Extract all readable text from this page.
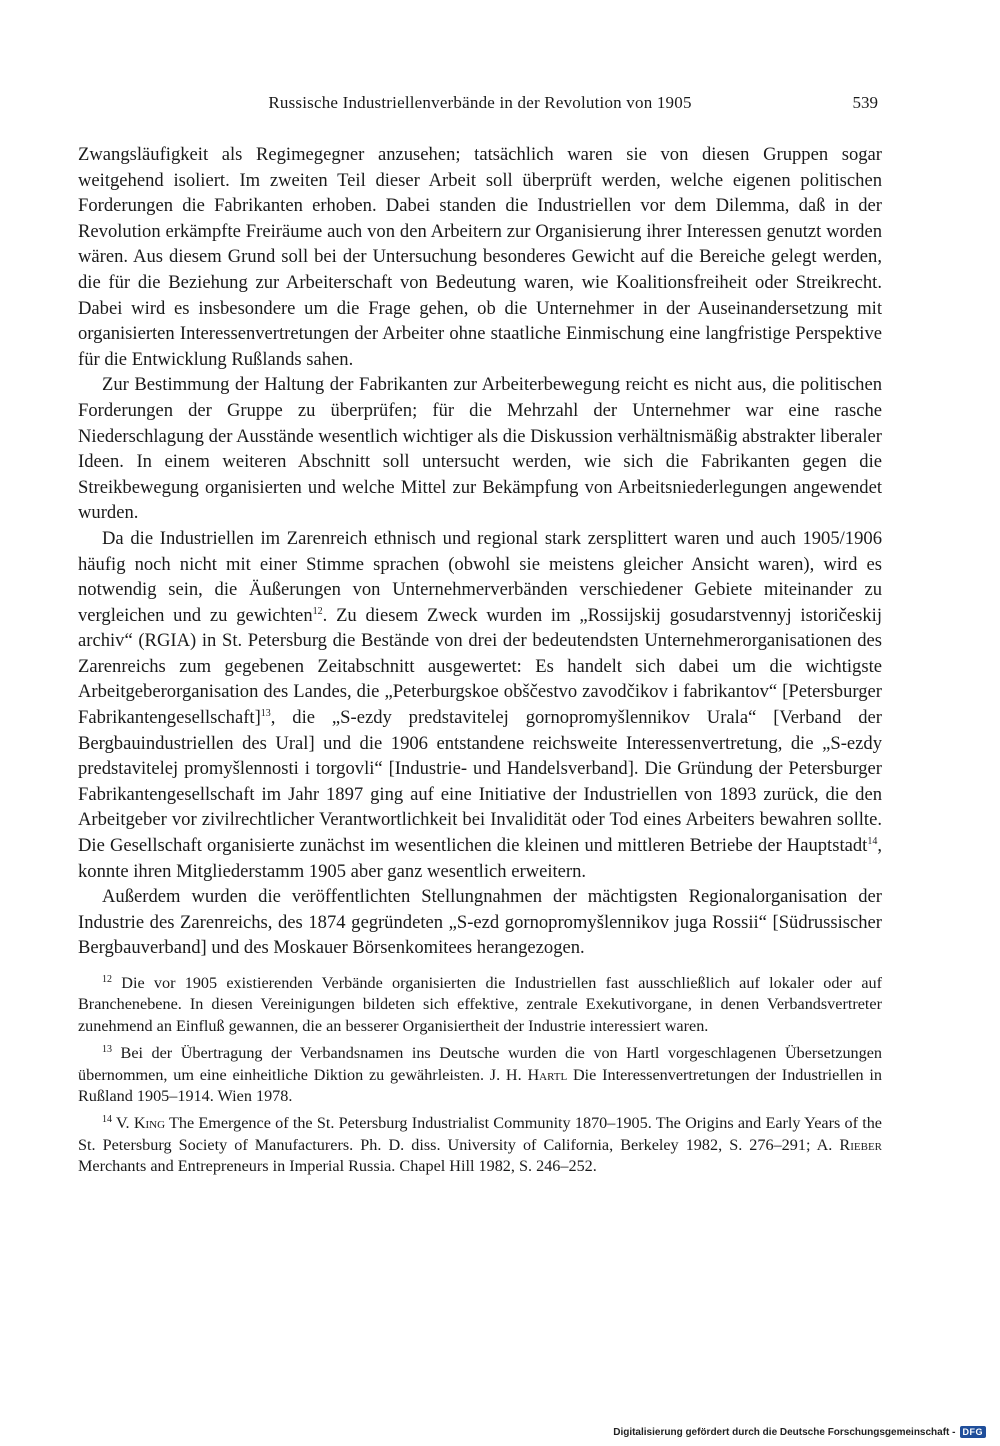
Russische Industriellenverbände in der Revolution von 1905	539

Zwangsläufigkeit als Regimegegner anzusehen; tatsächlich waren sie von diesen Gruppen sogar weitgehend isoliert. Im zweiten Teil dieser Arbeit soll überprüft werden, welche eigenen politischen Forderungen die Fabrikanten erhoben. Dabei standen die Industriellen vor dem Dilemma, daß in der Revolution erkämpfte Freiräume auch von den Arbeitern zur Organisierung ihrer Interessen genutzt worden wären. Aus diesem Grund soll bei der Untersuchung besonderes Gewicht auf die Bereiche gelegt werden, die für die Beziehung zur Arbeiterschaft von Bedeutung waren, wie Koalitionsfreiheit oder Streikrecht. Dabei wird es insbesondere um die Frage gehen, ob die Unternehmer in der Auseinandersetzung mit organisierten Interessenvertretungen der Arbeiter ohne staatliche Einmischung eine langfristige Perspektive für die Entwicklung Rußlands sahen.

Zur Bestimmung der Haltung der Fabrikanten zur Arbeiterbewegung reicht es nicht aus, die politischen Forderungen der Gruppe zu überprüfen; für die Mehrzahl der Unternehmer war eine rasche Niederschlagung der Ausstände wesentlich wichtiger als die Diskussion verhältnismäßig abstrakter liberaler Ideen. In einem weiteren Abschnitt soll untersucht werden, wie sich die Fabrikanten gegen die Streikbewegung organisierten und welche Mittel zur Bekämpfung von Arbeitsniederlegungen angewendet wurden.

Da die Industriellen im Zarenreich ethnisch und regional stark zersplittert waren und auch 1905/1906 häufig noch nicht mit einer Stimme sprachen (obwohl sie meistens gleicher Ansicht waren), wird es notwendig sein, die Äußerungen von Unternehmerverbänden verschiedener Gebiete miteinander zu vergleichen und zu gewichten$^{12}$. Zu diesem Zweck wurden im „Rossijskij gosudarstvennyj istoričeskij archiv“ (RGIA) in St. Petersburg die Bestände von drei der bedeutendsten Unternehmerorganisationen des Zarenreichs zum gegebenen Zeitabschnitt ausgewertet: Es handelt sich dabei um die wichtigste Arbeitgeberorganisation des Landes, die „Peterburgskoe obščestvo zavodčikov i fabrikantov“ [Petersburger Fabrikantengesellschaft]$^{13}$, die „S-ezdy predstavitelej gornopromyšlennikov Urala“ [Verband der Bergbauindustriellen des Ural] und die 1906 entstandene reichsweite Interessenvertretung, die „S-ezdy predstavitelej promyšlennosti i torgovli“ [Industrie- und Handelsverband]. Die Gründung der Petersburger Fabrikantengesellschaft im Jahr 1897 ging auf eine Initiative der Industriellen von 1893 zurück, die den Arbeitgeber vor zivilrechtlicher Verantwortlichkeit bei Invalidität oder Tod eines Arbeiters bewahren sollte. Die Gesellschaft organisierte zunächst im wesentlichen die kleinen und mittleren Betriebe der Hauptstadt$^{14}$, konnte ihren Mitgliederstamm 1905 aber ganz wesentlich erweitern.

Außerdem wurden die veröffentlichten Stellungnahmen der mächtigsten Regionalorganisation der Industrie des Zarenreichs, des 1874 gegründeten „S-ezd gornopromyšlennikov juga Rossii“ [Südrussischer Bergbauverband] und des Moskauer Börsenkomitees herangezogen.

$^{12}$ Die vor 1905 existierenden Verbände organisierten die Industriellen fast ausschließlich auf lokaler oder auf Branchenebene. In diesen Vereinigungen bildeten sich effektive, zentrale Exekutivorgane, in denen Verbandsvertreter zunehmend an Einfluß gewannen, die an besserer Organisiertheit der Industrie interessiert waren.

$^{13}$ Bei der Übertragung der Verbandsnamen ins Deutsche wurden die von Hartl vorgeschlagenen Übersetzungen übernommen, um eine einheitliche Diktion zu gewährleisten. J. H. Hartl Die Interessenvertretungen der Industriellen in Rußland 1905–1914. Wien 1978.

$^{14}$ V. King The Emergence of the St. Petersburg Industrialist Community 1870–1905. The Origins and Early Years of the St. Petersburg Society of Manufacturers. Ph. D. diss. University of California, Berkeley 1982, S. 276–291; A. Rieber Merchants and Entrepreneurs in Imperial Russia. Chapel Hill 1982, S. 246–252.

Digitalisierung gefördert durch die Deutsche Forschungsgemeinschaft - DFG
